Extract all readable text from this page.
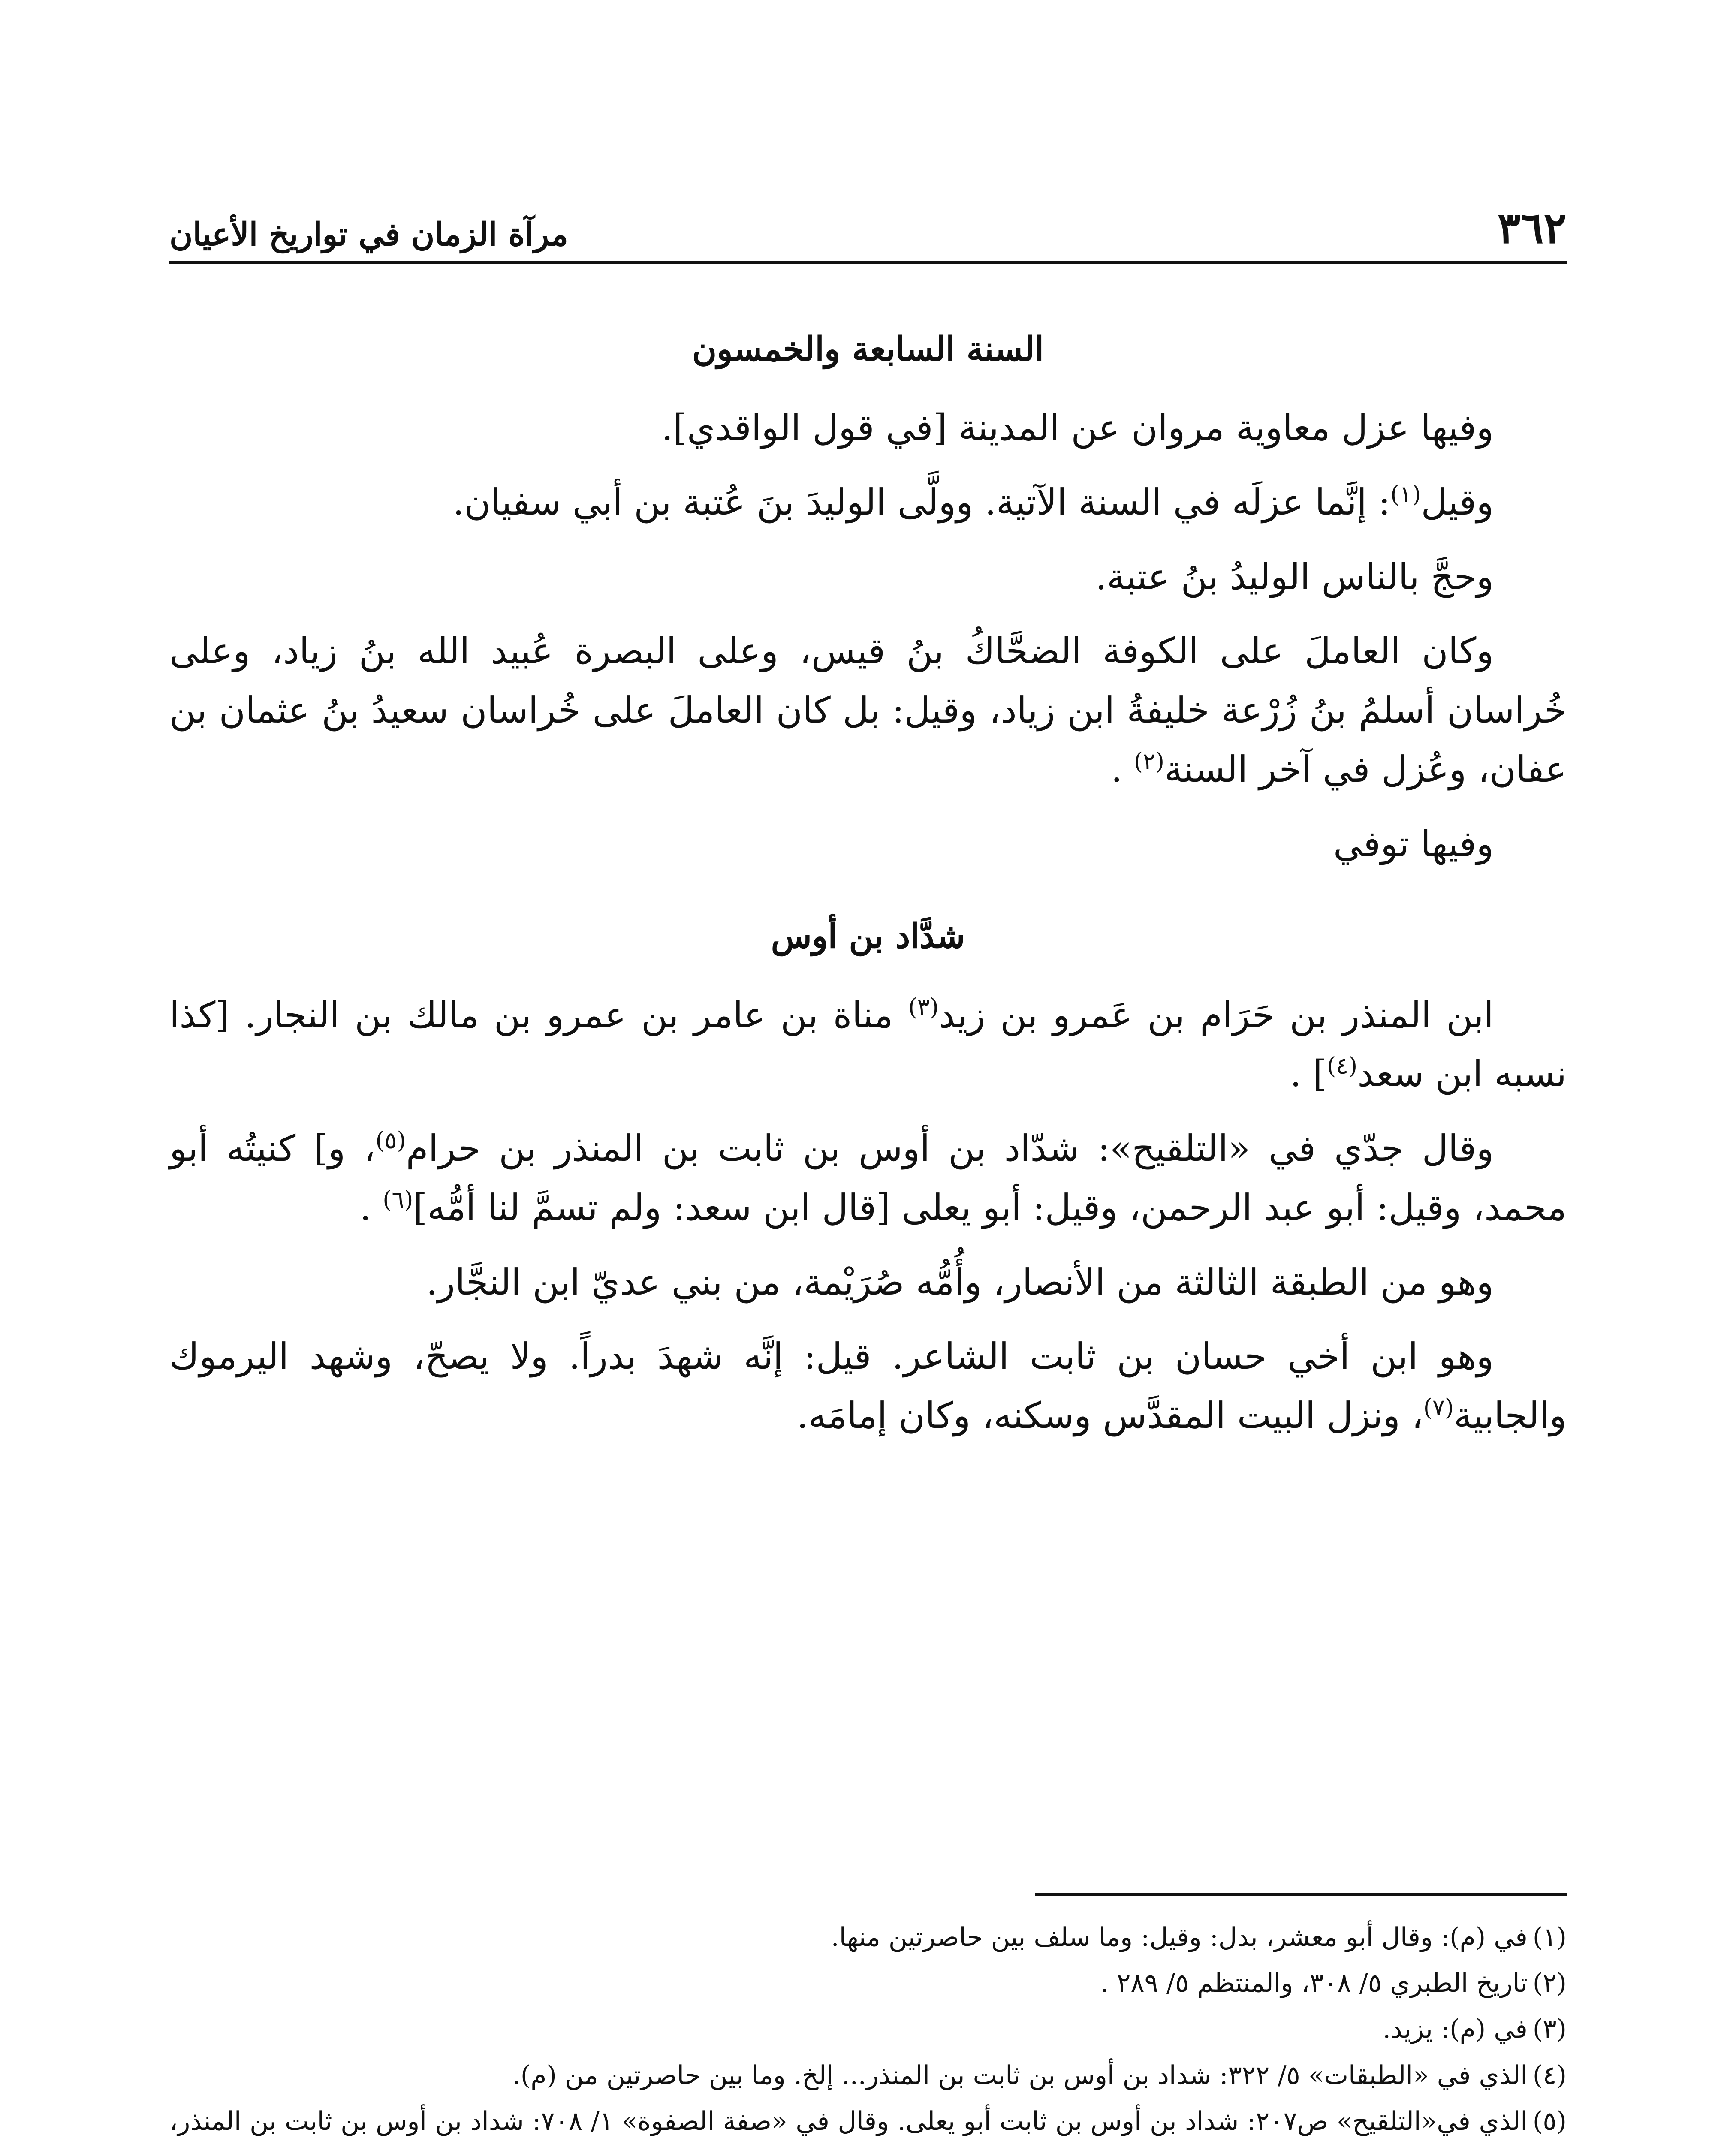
٣٦٢
مرآة الزمان في تواريخ الأعيان
السنة السابعة والخمسون

وفيها عزل معاوية مروان عن المدينة [في قول الواقدي].

وقيل$^{(١)}$: إنَّما عزلَه في السنة الآتية. وولَّى الوليدَ بنَ عُتبة بن أبي سفيان.

وحجَّ بالناس الوليدُ بنُ عتبة.

وكان العاملَ على الكوفة الضحَّاكُ بنُ قيس، وعلى البصرة عُبيد الله بنُ زياد، وعلى خُراسان أسلمُ بنُ زُرْعة خليفةُ ابن زياد، وقيل: بل كان العاملَ على خُراسان سعيدُ بنُ عثمان بن عفان، وعُزل في آخر السنة$^{(٢)}$ .

وفيها توفي

شدَّاد بن أوس

ابن المنذر بن حَرَام بن عَمرو بن زيد$^{(٣)}$ مناة بن عامر بن عمرو بن مالك بن النجار. [كذا نسبه ابن سعد$^{(٤)}$] .

وقال جدّي في «التلقيح»: شدّاد بن أوس بن ثابت بن المنذر بن حرام$^{(٥)}$، و] كنيتُه أبو محمد، وقيل: أبو عبد الرحمن، وقيل: أبو يعلى [قال ابن سعد: ولم تسمَّ لنا أمُّه]$^{(٦)}$ .

وهو من الطبقة الثالثة من الأنصار، وأُمُّه صُرَيْمة، من بني عديّ ابن النجَّار.

وهو ابن أخي حسان بن ثابت الشاعر. قيل: إنَّه شهدَ بدراً. ولا يصحّ، وشهد اليرموك والجابية$^{(٧)}$، ونزل البيت المقدَّس وسكنه، وكان إمامَه.

(١)في (م): وقال أبو معشر، بدل: وقيل: وما سلف بين حاصرتين منها.

(٢)تاريخ الطبري ٥/ ٣٠٨، والمنتظم ٥/ ٢٨٩ .

(٣)في (م): يزيد.

(٤)الذي في «الطبقات» ٥/ ٣٢٢: شداد بن أوس بن ثابت بن المنذر... إلخ. وما بين حاصرتين من (م).

(٥)الذي في«التلقيح» ص٢٠٧: شداد بن أوس بن ثابت أبو يعلى. وقال في «صفة الصفوة» ١/ ٧٠٨: شداد بن أوس بن ثابت بن المنذر،
